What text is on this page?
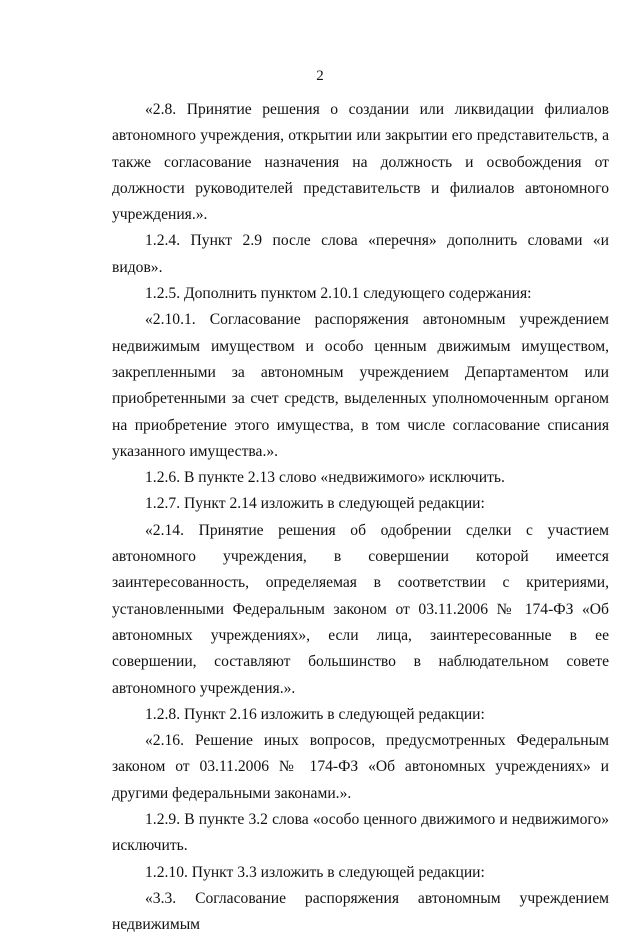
2

«2.8. Принятие решения о создании или ликвидации филиалов автономного учреждения, открытии или закрытии его представительств, а также согласование назначения на должность и освобождения от должности руководителей представительств и филиалов автономного учреждения.».

1.2.4. Пункт 2.9 после слова «перечня» дополнить словами «и видов».

1.2.5. Дополнить пунктом 2.10.1 следующего содержания:

«2.10.1. Согласование распоряжения автономным учреждением недвижимым имуществом и особо ценным движимым имуществом, закрепленными за автономным учреждением Департаментом или приобретенными за счет средств, выделенных уполномоченным органом на приобретение этого имущества, в том числе согласование списания указанного имущества.».

1.2.6. В пункте 2.13 слово «недвижимого» исключить.

1.2.7. Пункт 2.14 изложить в следующей редакции:

«2.14. Принятие решения об одобрении сделки с участием автономного учреждения, в совершении которой имеется заинтересованность, определяемая в соответствии с критериями, установленными Федеральным законом от 03.11.2006 № 174-ФЗ «Об автономных учреждениях», если лица, заинтересованные в ее совершении, составляют большинство в наблюдательном совете автономного учреждения.».

1.2.8. Пункт 2.16 изложить в следующей редакции:

«2.16. Решение иных вопросов, предусмотренных Федеральным законом от 03.11.2006 № 174-ФЗ «Об автономных учреждениях» и другими федеральными законами.».

1.2.9. В пункте 3.2 слова «особо ценного движимого и недвижимого» исключить.

1.2.10. Пункт 3.3 изложить в следующей редакции:

«3.3. Согласование распоряжения автономным учреждением недвижимым
